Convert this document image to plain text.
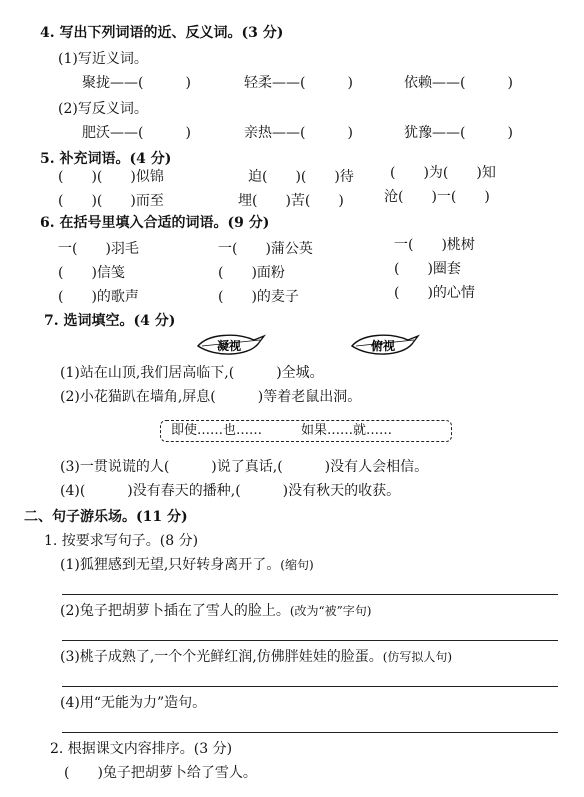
4. 写出下列词语的近、反义词。(3 分)
(1)写近义词。
聚拢——(　　　)	轻柔——(　　　)	依赖——(　　　)
(2)写反义词。
肥沃——(　　　)	亲热——(　　　)	犹豫——(　　　)
5. 补充词语。(4 分)
(　　)(　　)似锦	迫(　　)(　　)待	(　　)为(　　)知
(　　)(　　)而至	埋(　　)苦(　　)	沧(　　)一(　　)
6. 在括号里填入合适的词语。(9 分)
一(　　)羽毛	一(　　)蒲公英	一(　　)桃树
(　　)信笺	(　　)面粉	(　　)圈套
(　　)的歌声	(　　)的麦子	(　　)的心情
7. 选词填空。(4 分)
凝视	俯视
(1)站在山顶,我们居高临下,(　　　)全城。
(2)小花猫趴在墙角,屏息(　　　)等着老鼠出洞。
即使……也……　　　如果……就……
(3)一贯说谎的人(　　　)说了真话,(　　　)没有人会相信。
(4)(　　　)没有春天的播种,(　　　)没有秋天的收获。
二、句子游乐场。(11 分)
1. 按要求写句子。(8 分)
(1)狐狸感到无望,只好转身离开了。(缩句)
(2)兔子把胡萝卜插在了雪人的脸上。(改为“被”字句)
(3)桃子成熟了,一个个光鲜红润,仿佛胖娃娃的脸蛋。(仿写拟人句)
(4)用“无能为力”造句。
2. 根据课文内容排序。(3 分)
(　　)兔子把胡萝卜给了雪人。
